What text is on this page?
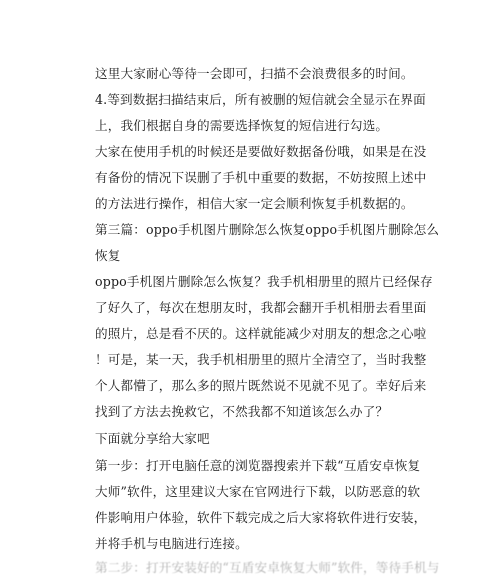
这里大家耐心等待一会即可，扫描不会浪费很多的时间。
4.等到数据扫描结束后，所有被删的短信就会全显示在界面
上，我们根据自身的需要选择恢复的短信进行勾选。
大家在使用手机的时候还是要做好数据备份哦，如果是在没
有备份的情况下误删了手机中重要的数据，不妨按照上述中
的方法进行操作，相信大家一定会顺利恢复手机数据的。
第三篇：oppo手机图片删除怎么恢复oppo手机图片删除怎么
恢复
oppo手机图片删除怎么恢复？我手机相册里的照片已经保存
了好久了，每次在想朋友时，我都会翻开手机相册去看里面
的照片，总是看不厌的。这样就能减少对朋友的想念之心啦
！可是，某一天，我手机相册里的照片全清空了，当时我整
个人都懵了，那么多的照片既然说不见就不见了。幸好后来
找到了方法去挽救它，不然我都不知道该怎么办了？
下面就分享给大家吧
第一步：打开电脑任意的浏览器搜索并下载“互盾安卓恢复
大师”软件，这里建议大家在官网进行下载，以防恶意的软
件影响用户体验，软件下载完成之后大家将软件进行安装，
并将手机与电脑进行连接。
第二步：打开安装好的“互盾安卓恢复大师”软件，等待手机与
